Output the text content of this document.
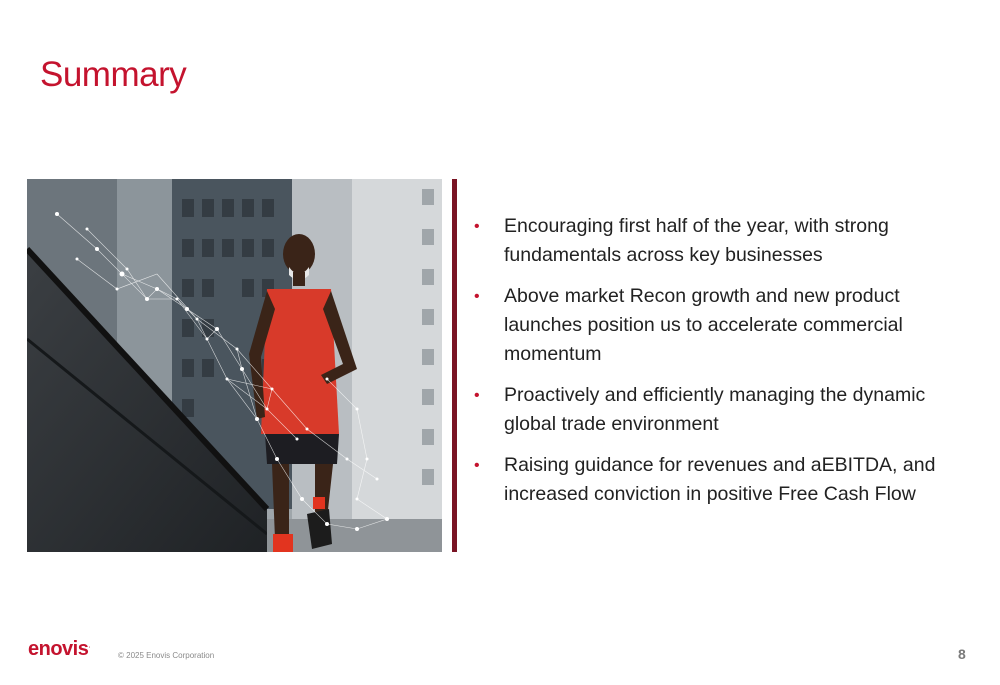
Summary
• Encouraging first half of the year, with strong fundamentals across key businesses
• Above market Recon growth and new product launches position us to accelerate commercial momentum
• Proactively and efficiently managing the dynamic global trade environment
• Raising guidance for revenues and aEBITDA, and increased conviction in positive Free Cash Flow
enovis.
© 2025 Enovis Corporation	8
